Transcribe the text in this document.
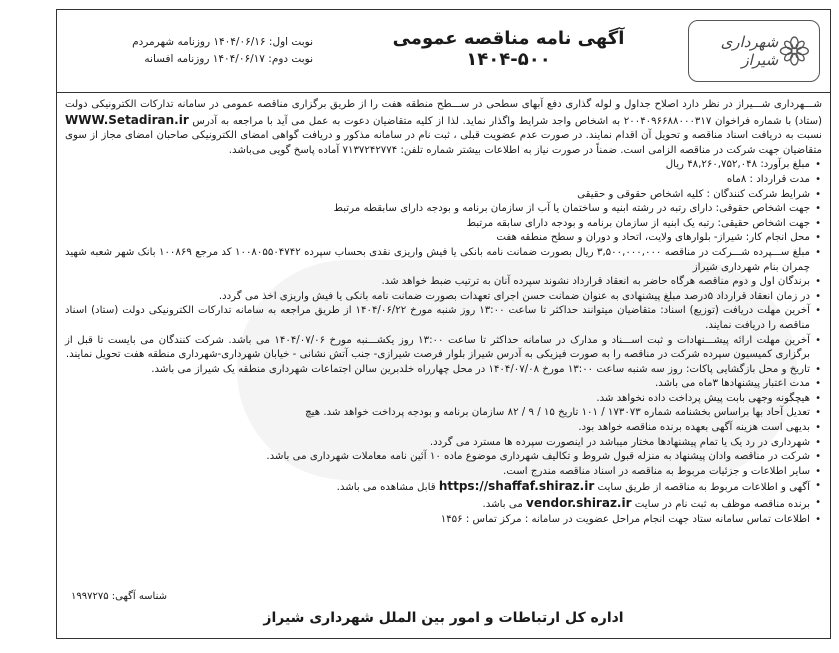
شهرداری شیراز
آگهی نامه مناقصه عمومی ۵۰۰-۱۴۰۴
نوبت اول: ۱۴۰۴/۰۶/۱۶ روزنامه شهرمردم
نوبت دوم: ۱۴۰۴/۰۶/۱۷ روزنامه افسانه

شـــهرداری شـــیراز در نظر دارد اصلاح جداول و لوله گذاری دفع آبهای سطحی در ســـطح منطقه هفت را از طریق برگزاری مناقصه عمومی در سامانه تدارکات الکترونیکی دولت (ستاد) با شماره فراخوان ۲۰۰۴۰۹۶۶۸۸۰۰۰۳۱۷ به اشخاص واجد شرایط واگذار نماید. لذا از کلیه متقاضیان دعوت به عمل می آید با مراجعه به آدرس WWW.Setadiran.ir نسبت به دریافت اسناد مناقصه و تحویل آن اقدام نمایند. در صورت عدم عضویت قبلی ، ثبت نام در سامانه مذکور و دریافت گواهی امضای الکترونیکی صاحبان امضای مجاز از سوی متقاضیان جهت شرکت در مناقصه الزامی است. ضمناً در صورت نیاز به اطلاعات بیشتر شماره تلفن: ۷۱۳۷۲۴۲۷۷۴ آماده پاسخ گویی می‌باشد.

• مبلغ برآورد: ۴۸,۲۶۰,۷۵۲,۰۴۸ ریال
• مدت قرارداد : ۸ماه
• شرایط شرکت کنندگان : کلیه اشخاص حقوقی و حقیقی
• جهت اشخاص حقوقی: دارای رتبه در رشته ابنیه و ساختمان یا آب از سازمان برنامه و بودجه دارای سابقطه مرتبط
• جهت اشخاص حقیقی: رتبه یک ابنیه از سازمان برنامه و بودجه دارای سابقه مرتبط
• محل انجام کار: شیراز- بلوارهای ولایت، اتحاد و دوران و سطح منطقه هفت
• مبلغ ســـپرده شـــرکت در مناقصه ۳,۵۰۰,۰۰۰,۰۰۰ ریال بصورت ضمانت نامه بانکی یا فیش واریزی نقدی بحساب سپرده ۱۰۰۸۰۵۵۰۴۷۴۲ کد مرجع ۱۰۰۸۶۹ بانک شهر شعبه شهید چمران بنام شهرداری شیراز
• برندگان اول و دوم مناقصه هرگاه حاضر به انعقاد قرارداد نشوند سپرده آنان به ترتیب ضبط خواهد شد.
• در زمان انعقاد قرارداد ۵درصد مبلغ پیشنهادی به عنوان ضمانت حسن اجرای تعهدات بصورت ضمانت نامه بانکی یا فیش واریزی اخذ می گردد.
• آخرین مهلت دریافت (توزیع) اسناد: متقاضیان میتوانند حداکثر تا ساعت ۱۳:۰۰ روز شنبه مورخ ۱۴۰۴/۰۶/۲۲ از طریق مراجعه به سامانه تدارکات الکترونیکی دولت (ستاد) اسناد مناقصه را دریافت نمایند.
• آخرین مهلت ارائه پیشـــنهادات و ثبت اســـناد و مدارک در سامانه حداکثر تا ساعت ۱۳:۰۰ روز یکشـــنبه مورخ ۱۴۰۴/۰۷/۰۶ می باشد. شرکت کنندگان می بایست تا قبل از برگزاری کمیسیون سپرده شرکت در مناقصه را به صورت فیزیکی به آدرس شیراز بلوار فرصت شیرازی- جنب آتش نشانی - خیابان شهرداری-شهرداری منطقه هفت تحویل نمایند.
• تاریخ و محل بازگشایی پاکات: روز سه شنبه ساعت ۱۳:۰۰ مورخ ۱۴۰۴/۰۷/۰۸ در محل چهارراه خلدبرین سالن اجتماعات شهرداری منطقه یک شیراز می باشد.
• مدت اعتبار پیشنهادها ۳ماه می باشد.
• هیچگونه وجهی بابت پیش پرداخت داده نخواهد شد.
• تعدیل آحاد بها براساس بخشنامه شماره ۱۷۳۰۷۳ / ۱۰۱ تاریخ ۱۵ / ۹ / ۸۲ سازمان برنامه و بودجه پرداخت خواهد شد. هیچ
• بدیهی است هزینه آگهی بعهده برنده مناقصه خواهد بود.
• شهرداری در رد یک یا تمام پیشنهادها مختار میباشد در اینصورت سپرده ها مسترد می گردد.
• شرکت در مناقصه وادان پیشنهاد به منزله قبول شروط و تکالیف شهرداری موضوع ماده ۱۰ آئین نامه معاملات شهرداری می باشد.
• سایر اطلاعات و جزئیات مربوط به مناقصه در اسناد مناقصه مندرج است.
• آگهی و اطلاعات مربوط به مناقصه از طریق سایت https://shaffaf.shiraz.ir قابل مشاهده می باشد.
• برنده مناقصه موظف به ثبت نام در سایت vendor.shiraz.ir می باشد.
• اطلاعات تماس سامانه ستاد جهت انجام مراحل عضویت در سامانه : مرکز تماس : ۱۴۵۶
شناسه آگهی: ۱۹۹۷۲۷۵
اداره کل ارتباطات و امور بین الملل شهرداری شیراز
